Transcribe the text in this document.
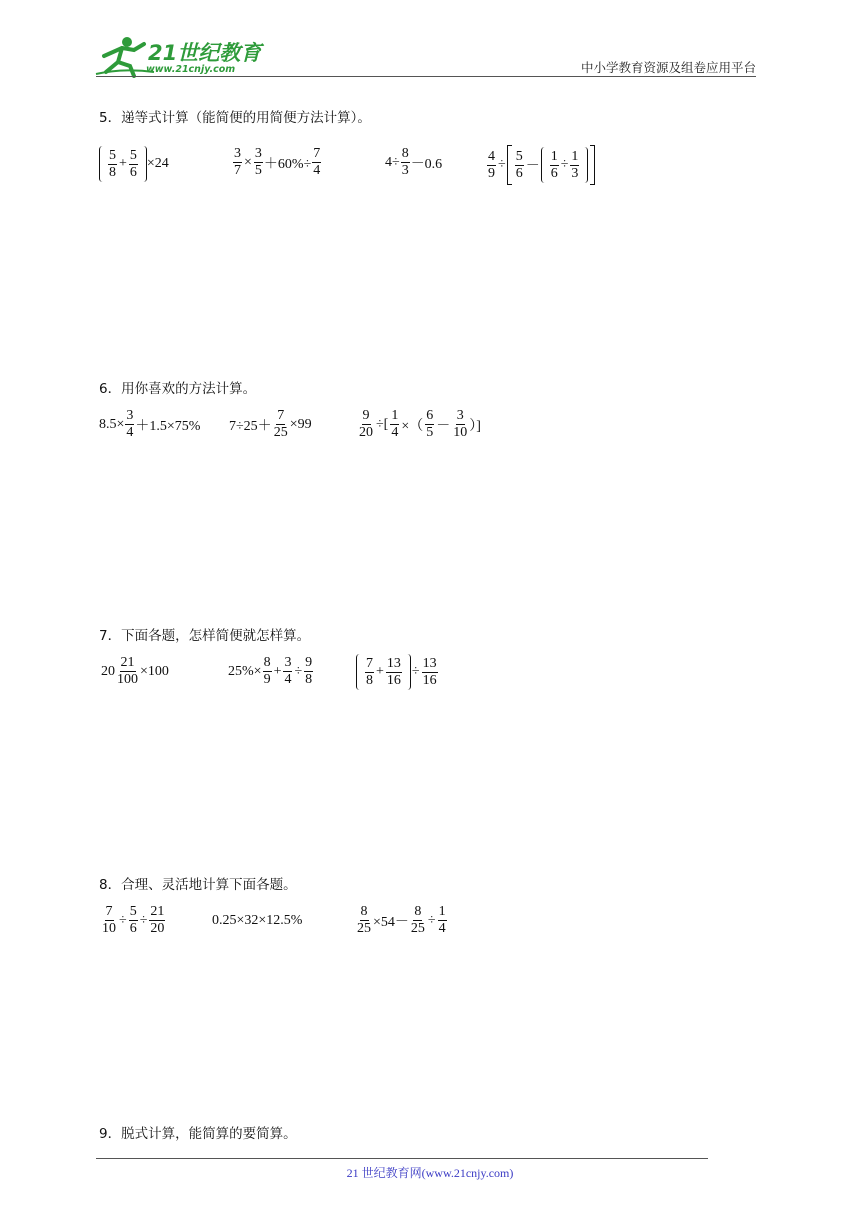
21世纪教育
www.21cnjy.com	中小学教育资源及组卷应用平台
5．递等式计算（能简便的用简便方法计算）。
$\frac{5}{8} + \frac{5}{6} \times 24$	$\frac{3}{7} \times \frac{3}{5} +60\%\div \frac{7}{4}$	$4\div \frac{8}{3} -0.6$	$\frac{4}{9} \div \frac{5}{6} - \frac{1}{6} \div \frac{1}{3}$
6．用你喜欢的方法计算。
$8.5\times \frac{3}{4} +1.5\times 75\%$ $7\div 25+ \frac{7}{25} \times 99$	$\frac{9}{20}$ ÷[ $\frac{1}{4}$ ×（ $\frac{6}{5} - \frac{3}{10}$ ）]
7．下面各题，怎样简便就怎样算。
$20 \frac{21}{100} \times 100$	$25\%\times \frac{8}{9} + \frac{3}{4} \div \frac{9}{8}$	$\frac{7}{8} + \frac{13}{16} \div \frac{13}{16}$
8．合理、灵活地计算下面各题。
$\frac{7}{10} \div \frac{5}{6} \div \frac{21}{20}$	0.25×32×12.5%	$\frac{8}{25} \times 54- \frac{8}{25} \div \frac{1}{4}$
9．脱式计算，能简算的要简算。
21 世纪教育网(www.21cnjy.com)
